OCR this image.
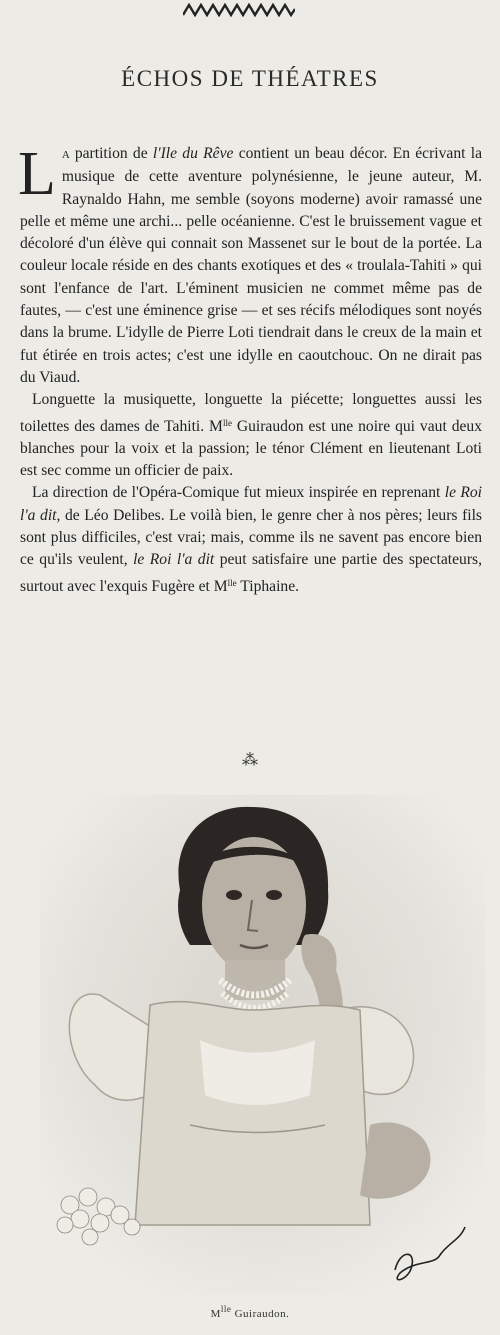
ÉCHOS DE THÉATRES

L A partition de l'Ile du Rêve contient un beau décor. En écrivant la musique de cette aventure polynésienne, le jeune auteur, M. Raynaldo Hahn, me semble (soyons moderne) avoir ramassé une pelle et même une archi... pelle océanienne. C'est le bruissement vague et décoloré d'un élève qui connait son Massenet sur le bout de la portée. La couleur locale réside en des chants exotiques et des « troulala-Tahiti » qui sont l'enfance de l'art. L'éminent musicien ne commet même pas de fautes, — c'est une éminence grise — et ses récifs mélodiques sont noyés dans la brume. L'idylle de Pierre Loti tiendrait dans le creux de la main et fut étirée en trois actes; c'est une idylle en caoutchouc. On ne dirait pas du Viaud.

Longuette la musiquette, longuette la piécette; longuettes aussi les toilettes des dames de Tahiti. $M^{lle}$ Guiraudon est une noire qui vaut deux blanches pour la voix et la passion; le ténor Clément en lieutenant Loti est sec comme un officier de paix.

La direction de l'Opéra-Comique fut mieux inspirée en reprenant le Roi l'a dit, de Léo Delibes. Le voilà bien, le genre cher à nos pères; leurs fils sont plus difficiles, c'est vrai; mais, comme ils ne savent pas encore bien ce qu'ils veulent, le Roi l'a dit peut satisfaire une partie des spectateurs, surtout avec l'exquis Fugère et $M^{lle}$ Tiphaine.

⁂
$M^{lle}$ Guiraudon.
